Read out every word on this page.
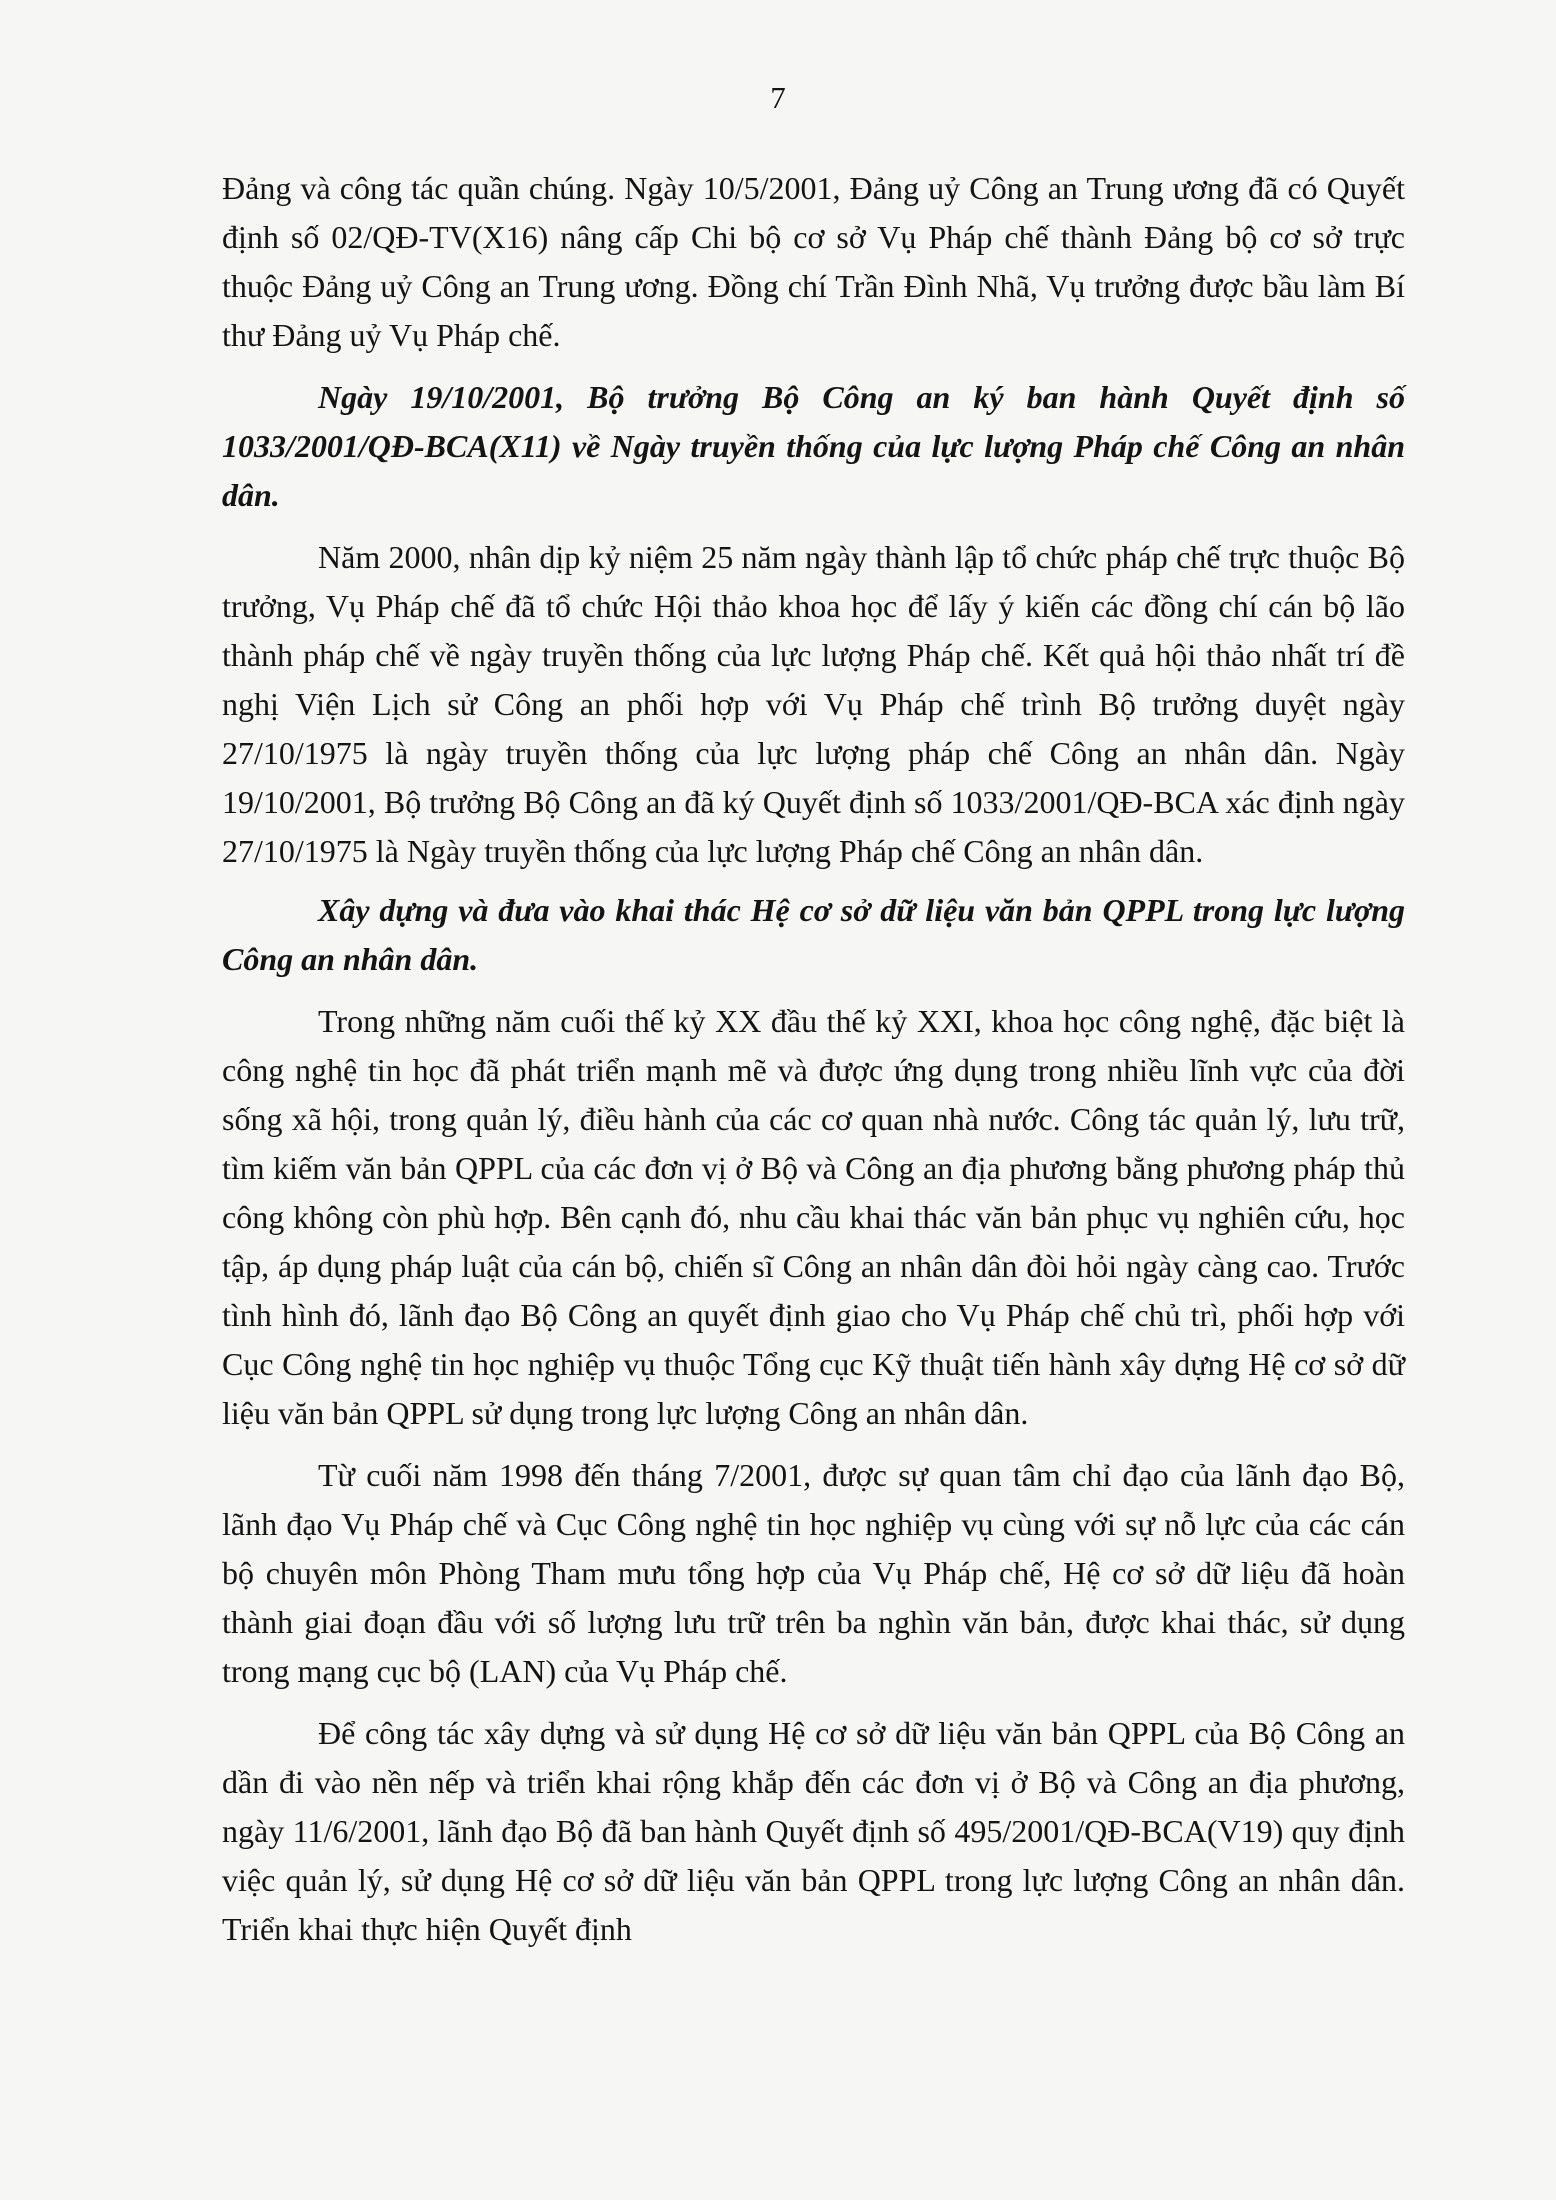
7

Đảng và công tác quần chúng. Ngày 10/5/2001, Đảng uỷ Công an Trung ương đã có Quyết định số 02/QĐ-TV(X16) nâng cấp Chi bộ cơ sở Vụ Pháp chế thành Đảng bộ cơ sở trực thuộc Đảng uỷ Công an Trung ương. Đồng chí Trần Đình Nhã, Vụ trưởng được bầu làm Bí thư Đảng uỷ Vụ Pháp chế.

Ngày 19/10/2001, Bộ trưởng Bộ Công an ký ban hành Quyết định số 1033/2001/QĐ-BCA(X11) về Ngày truyền thống của lực lượng Pháp chế Công an nhân dân.

Năm 2000, nhân dịp kỷ niệm 25 năm ngày thành lập tổ chức pháp chế trực thuộc Bộ trưởng, Vụ Pháp chế đã tổ chức Hội thảo khoa học để lấy ý kiến các đồng chí cán bộ lão thành pháp chế về ngày truyền thống của lực lượng Pháp chế. Kết quả hội thảo nhất trí đề nghị Viện Lịch sử Công an phối hợp với Vụ Pháp chế trình Bộ trưởng duyệt ngày 27/10/1975 là ngày truyền thống của lực lượng pháp chế Công an nhân dân. Ngày 19/10/2001, Bộ trưởng Bộ Công an đã ký Quyết định số 1033/2001/QĐ-BCA xác định ngày 27/10/1975 là Ngày truyền thống của lực lượng Pháp chế Công an nhân dân.

Xây dựng và đưa vào khai thác Hệ cơ sở dữ liệu văn bản QPPL trong lực lượng Công an nhân dân.

Trong những năm cuối thế kỷ XX đầu thế kỷ XXI, khoa học công nghệ, đặc biệt là công nghệ tin học đã phát triển mạnh mẽ và được ứng dụng trong nhiều lĩnh vực của đời sống xã hội, trong quản lý, điều hành của các cơ quan nhà nước. Công tác quản lý, lưu trữ, tìm kiếm văn bản QPPL của các đơn vị ở Bộ và Công an địa phương bằng phương pháp thủ công không còn phù hợp. Bên cạnh đó, nhu cầu khai thác văn bản phục vụ nghiên cứu, học tập, áp dụng pháp luật của cán bộ, chiến sĩ Công an nhân dân đòi hỏi ngày càng cao. Trước tình hình đó, lãnh đạo Bộ Công an quyết định giao cho Vụ Pháp chế chủ trì, phối hợp với Cục Công nghệ tin học nghiệp vụ thuộc Tổng cục Kỹ thuật tiến hành xây dựng Hệ cơ sở dữ liệu văn bản QPPL sử dụng trong lực lượng Công an nhân dân.

Từ cuối năm 1998 đến tháng 7/2001, được sự quan tâm chỉ đạo của lãnh đạo Bộ, lãnh đạo Vụ Pháp chế và Cục Công nghệ tin học nghiệp vụ cùng với sự nỗ lực của các cán bộ chuyên môn Phòng Tham mưu tổng hợp của Vụ Pháp chế, Hệ cơ sở dữ liệu đã hoàn thành giai đoạn đầu với số lượng lưu trữ trên ba nghìn văn bản, được khai thác, sử dụng trong mạng cục bộ (LAN) của Vụ Pháp chế.

Để công tác xây dựng và sử dụng Hệ cơ sở dữ liệu văn bản QPPL của Bộ Công an dần đi vào nền nếp và triển khai rộng khắp đến các đơn vị ở Bộ và Công an địa phương, ngày 11/6/2001, lãnh đạo Bộ đã ban hành Quyết định số 495/2001/QĐ-BCA(V19) quy định việc quản lý, sử dụng Hệ cơ sở dữ liệu văn bản QPPL trong lực lượng Công an nhân dân. Triển khai thực hiện Quyết định
